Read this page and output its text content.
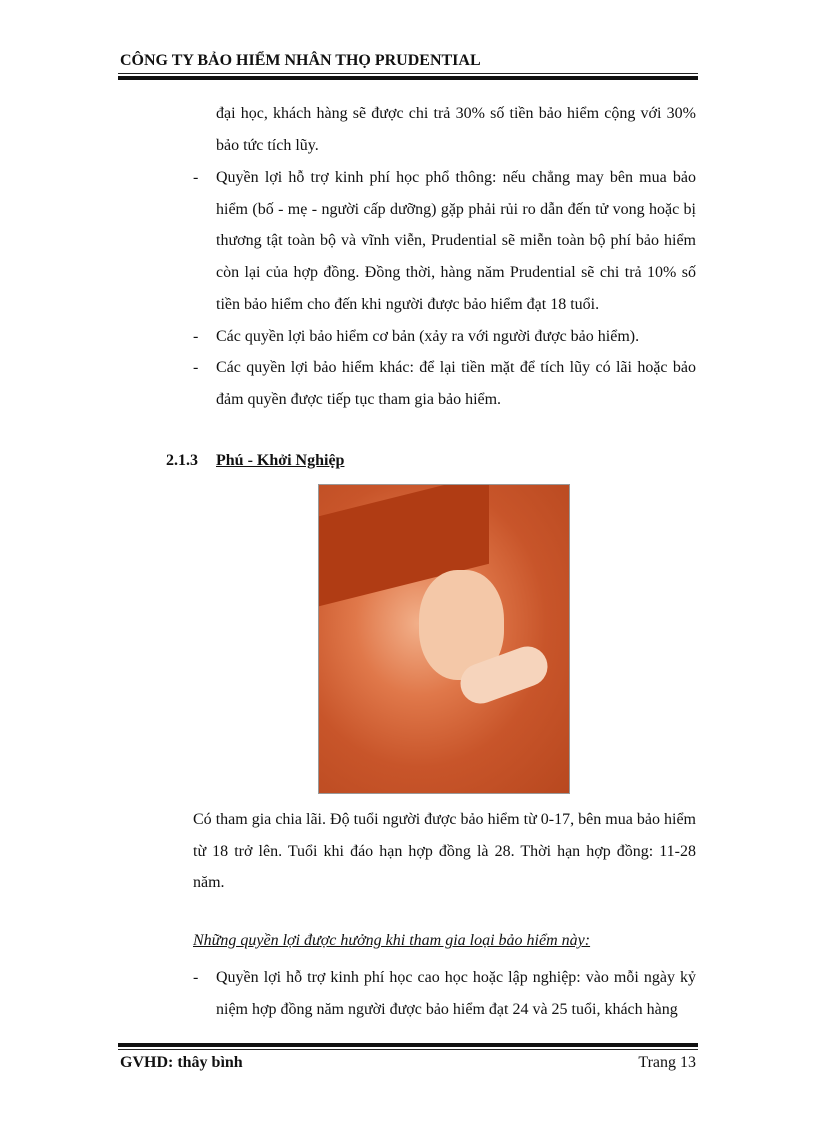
CÔNG TY BẢO HIỂM NHÂN THỌ PRUDENTIAL
đại học, khách hàng sẽ được chi trả 30% số tiền bảo hiểm cộng với 30% bảo tức tích lũy.
- Quyền lợi hỗ trợ kinh phí học phổ thông: nếu chẳng may bên mua bảo hiểm (bố - mẹ - người cấp dưỡng) gặp phải rủi ro dẫn đến tử vong hoặc bị thương tật toàn bộ và vĩnh viễn, Prudential sẽ miễn toàn bộ phí bảo hiểm còn lại của hợp đồng. Đồng thời, hàng năm Prudential sẽ chi trả 10% số tiền bảo hiểm cho đến khi người được bảo hiểm đạt 18 tuổi.
- Các quyền lợi bảo hiểm cơ bản (xảy ra với người được bảo hiểm).
- Các quyền lợi bảo hiểm khác: để lại tiền mặt để tích lũy có lãi hoặc bảo đảm quyền được tiếp tục tham gia bảo hiểm.
2.1.3 Phú - Khởi Nghiệp
Có tham gia chia lãi. Độ tuổi người được bảo hiểm từ 0-17, bên mua bảo hiểm từ 18 trở lên. Tuổi khi đáo hạn hợp đồng là 28. Thời hạn hợp đồng: 11-28 năm.
Những quyền lợi được hưởng khi tham gia loại bảo hiểm này:
- Quyền lợi hỗ trợ kinh phí học cao học hoặc lập nghiệp: vào mỗi ngày kỷ niệm hợp đồng năm người được bảo hiểm đạt 24 và 25 tuổi, khách hàng
GVHD: thây bình	Trang 13
